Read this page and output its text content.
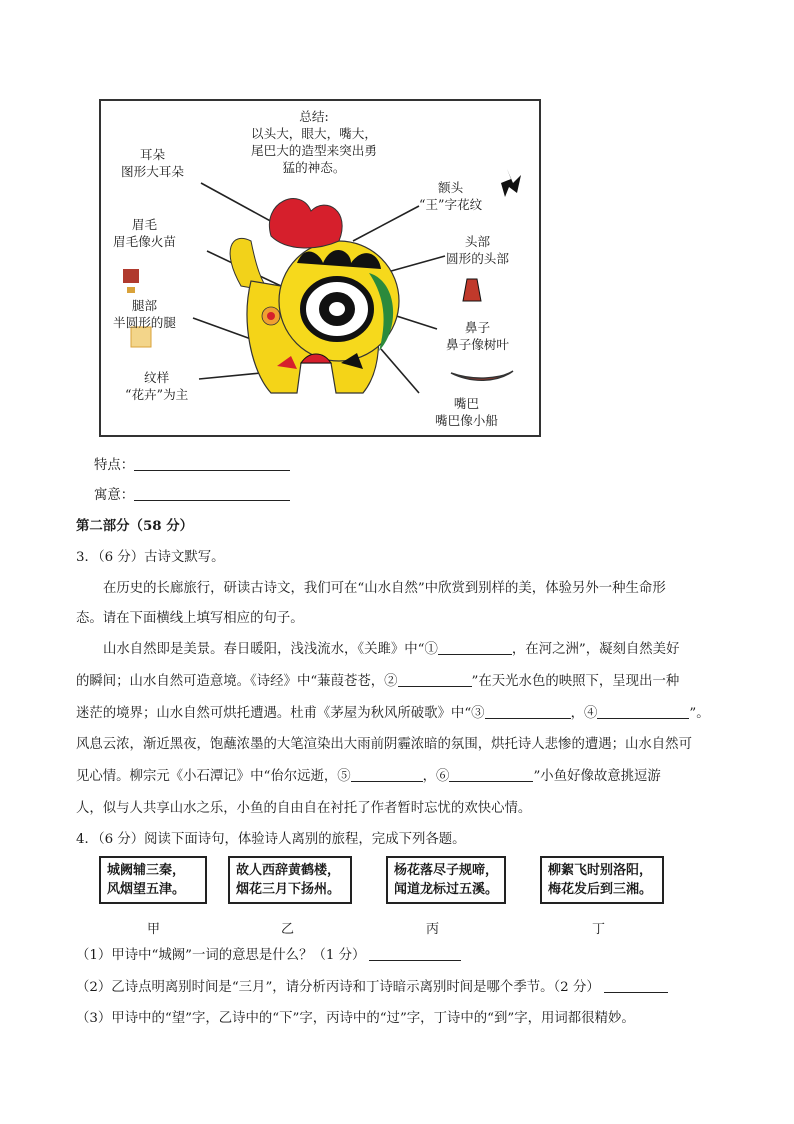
总结:
以头大，眼大，嘴大，
尾巴大的造型来突出勇
猛的神态。
耳朵
图形大耳朵
眉毛
眉毛像火苗
腿部
半圆形的腿
纹样
“花卉”为主
额头
“王”字花纹
头部
圆形的头部
鼻子
鼻子像树叶
嘴巴
嘴巴像小船
特点：
寓意：
第二部分（58 分）
3．（6 分）古诗文默写。
在历史的长廊旅行，研读古诗文，我们可在“山水自然”中欣赏到别样的美，体验另外一种生命形
态。请在下面横线上填写相应的句子。
山水自然即是美景。春日暖阳，浅浅流水，《关雎》中“①	，在河之洲”，凝刻自然美好
的瞬间；山水自然可造意境。《诗经》中“蒹葭苍苍，②	”在天光水色的映照下，呈现出一种
迷茫的境界；山水自然可烘托遭遇。杜甫《茅屋为秋风所破歌》中“③	，④	”。
风息云浓，渐近黑夜，饱蘸浓墨的大笔渲染出大雨前阴霾浓暗的氛围，烘托诗人悲惨的遭遇；山水自然可
见心情。柳宗元《小石潭记》中“佁尔远逝，⑤	，⑥	”小鱼好像故意挑逗游
人，似与人共享山水之乐，小鱼的自由自在衬托了作者暂时忘忧的欢快心情。
4．（6 分）阅读下面诗句，体验诗人离别的旅程，完成下列各题。
城阙辅三秦，
风烟望五津。
故人西辞黄鹤楼，
烟花三月下扬州。
杨花落尽子规啼，
闻道龙标过五溪。
柳絮飞时别洛阳，
梅花发后到三湘。
甲	乙	丙	丁
（1）甲诗中“城阙”一词的意思是什么？（1 分）
（2）乙诗点明离别时间是“三月”，请分析丙诗和丁诗暗示离别时间是哪个季节。（2 分）
（3）甲诗中的“望”字，乙诗中的“下”字，丙诗中的“过”字，丁诗中的“到”字，用词都很精妙。
